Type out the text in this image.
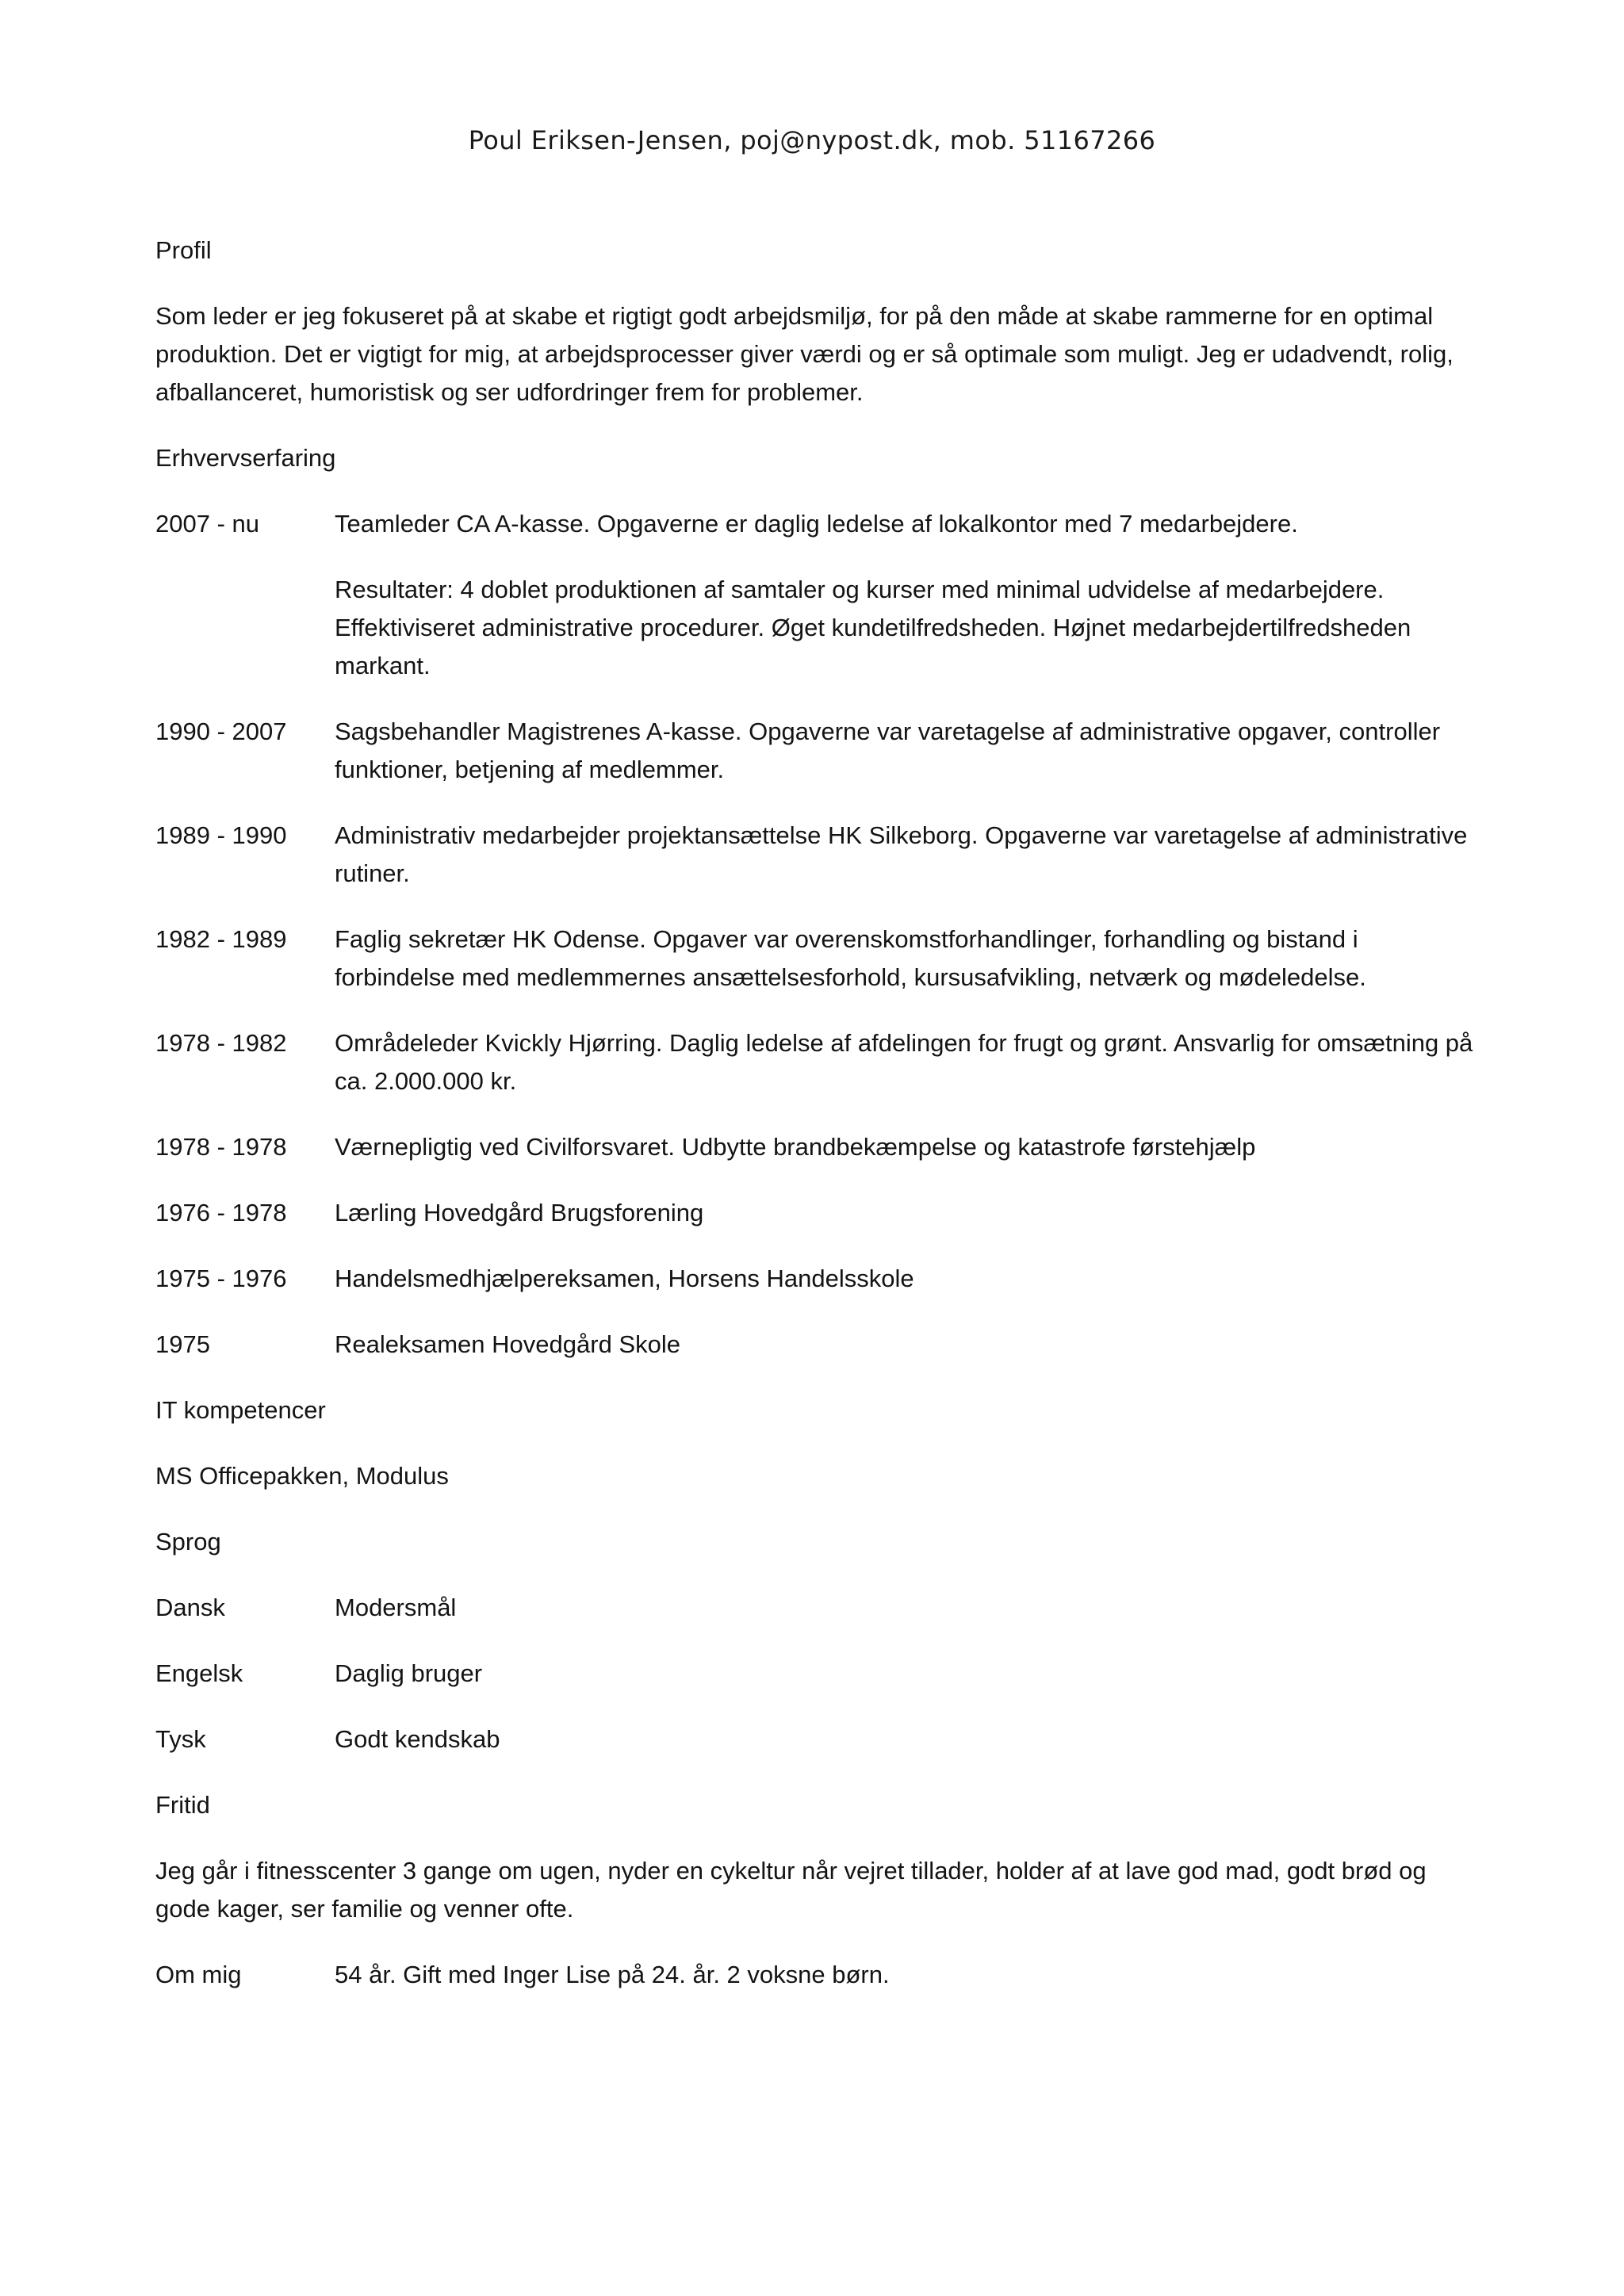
Poul Eriksen-Jensen, poj@nypost.dk, mob. 51167266
Profil
Som leder er jeg fokuseret på at skabe et rigtigt godt arbejdsmiljø, for på den måde at skabe rammerne for en optimal produktion. Det er vigtigt for mig, at arbejdsprocesser giver værdi og er så optimale som muligt. Jeg er udadvendt, rolig, afballanceret, humoristisk og ser udfordringer frem for problemer.
Erhvervserfaring
2007 - nu	Teamleder CA A-kasse. Opgaverne er daglig ledelse af lokalkontor med 7 medarbejdere.
Resultater: 4 doblet produktionen af samtaler og kurser med minimal udvidelse af medarbejdere. Effektiviseret administrative procedurer. Øget kundetilfredsheden. Højnet medarbejdertilfredsheden markant.
1990 - 2007	Sagsbehandler Magistrenes A-kasse. Opgaverne var varetagelse af administrative opgaver, controller funktioner, betjening af medlemmer.
1989 - 1990	Administrativ medarbejder projektansættelse HK Silkeborg. Opgaverne var varetagelse af administrative rutiner.
1982 - 1989	Faglig sekretær HK Odense. Opgaver var overenskomstforhandlinger, forhandling og bistand i forbindelse med medlemmernes ansættelsesforhold, kursusafvikling, netværk og mødeledelse.
1978 - 1982	Områdeleder Kvickly Hjørring. Daglig ledelse af afdelingen for frugt og grønt. Ansvarlig for omsætning på ca. 2.000.000 kr.
1978 - 1978	Værnepligtig ved Civilforsvaret. Udbytte brandbekæmpelse og katastrofe førstehjælp
1976 - 1978	Lærling Hovedgård Brugsforening
1975 - 1976	Handelsmedhjælpereksamen, Horsens Handelsskole
1975	Realeksamen Hovedgård Skole
IT kompetencer
MS Officepakken, Modulus
Sprog
Dansk	Modersmål
Engelsk	Daglig bruger
Tysk	Godt kendskab
Fritid
Jeg går i fitnesscenter 3 gange om ugen, nyder en cykeltur når vejret tillader, holder af at lave god mad, godt brød og gode kager, ser familie og venner ofte.
Om mig	54 år. Gift med Inger Lise på 24. år. 2 voksne børn.
